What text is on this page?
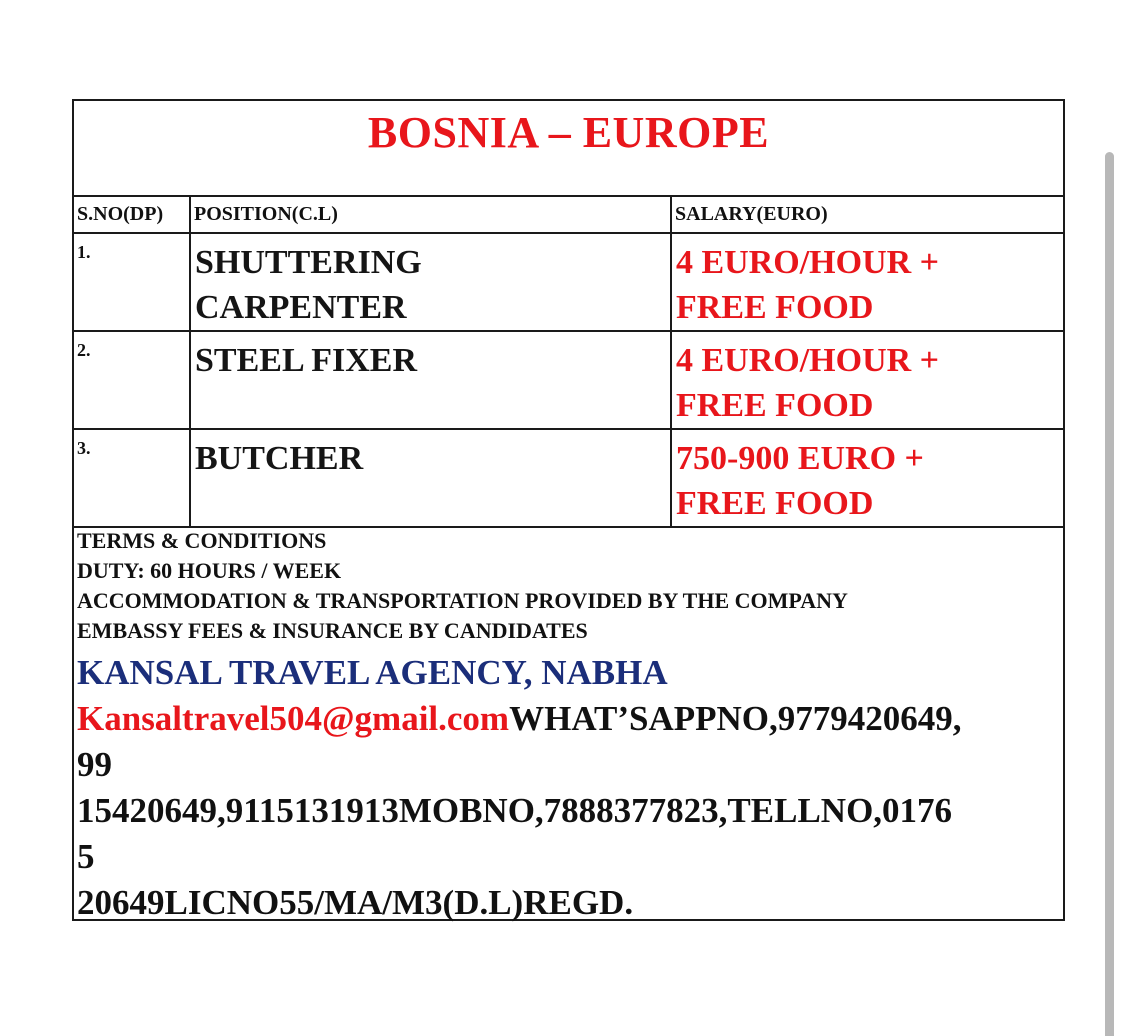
BOSNIA – EUROPE
S.NO(DP)	POSITION(C.L)	SALARY(EURO)

1.	SHUTTERING
CARPENTER	4 EURO/HOUR +
FREE FOOD

2.	STEEL FIXER	4 EURO/HOUR +
FREE FOOD

3.	BUTCHER	750-900 EURO +
FREE FOOD
TERMS & CONDITIONS
DUTY: 60 HOURS / WEEK
ACCOMMODATION & TRANSPORTATION PROVIDED BY THE COMPANY
EMBASSY FEES & INSURANCE BY CANDIDATES
KANSAL TRAVEL AGENCY, NABHA
Kansaltravel504@gmail.comWHAT’SAPPNO,9779420649,
99
15420649,9115131913MOBNO,7888377823,TELLNO,0176
5
20649LICNO55/MA/M3(D.L)REGD.
